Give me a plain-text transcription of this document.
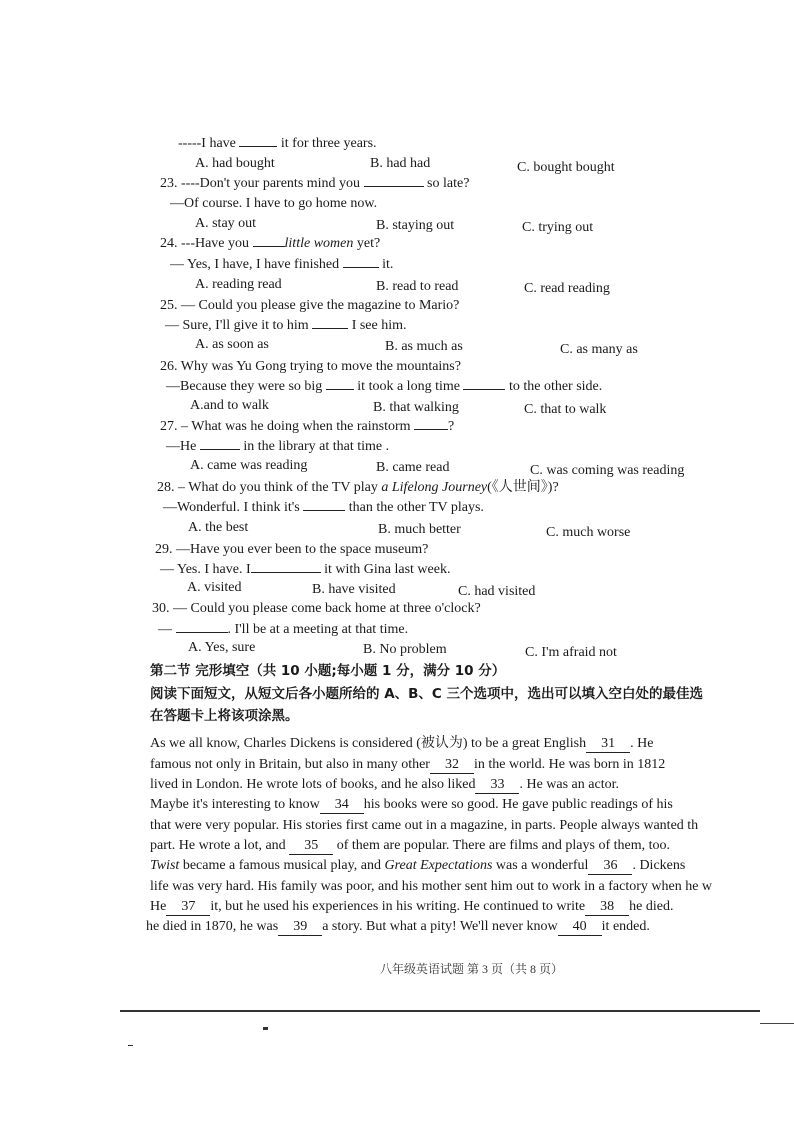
-----I have	it for three years.
A. had bought	B. had had	C. bought bought
23. ----Don't your parents mind you	so late?
—Of course. I have to go home now.
A. stay out	B. staying out	C. trying out
24. ---Have you little women yet?
— Yes, I have, I have finished	it.
A. reading read	B. read to read	C. read reading
25. — Could you please give the magazine to Mario?
— Sure, I'll give it to him	I see him.
A. as soon as	B. as much as	C. as many as
26. Why was Yu Gong trying to move the mountains?
—Because they were so big  it took a long time	to the other side.
A.and to walk	B. that walking	C. that to walk
27. – What was he doing when the rainstorm ?
—He	in the library at that time .
A. came was reading	B. came read	C. was coming was reading
28. – What do you think of the TV play a Lifelong Journey(《人世间》)?
—Wonderful. I think it's	than the other TV plays.
A. the best	B. much better	C. much worse
29. —Have you ever been to the space museum?
— Yes. I have. I	it with Gina last week.
A. visited	B. have visited	C. had visited
30. — Could you please come back home at three o'clock?
—	. I'll be at a meeting at that time.
A. Yes, sure	B. No problem	C. I'm afraid not
第二节 完形填空（共 10 小题;每小题 1 分，满分 10 分）
阅读下面短文，从短文后各小题所给的 A、B、C 三个选项中，选出可以填入空白处的最佳选
在答题卡上将该项涂黑。
As we all know, Charles Dickens is considered (被认为) to be a great English 31 . He
famous not only in Britain, but also in many other 32 in the world. He was born in 1812
lived in London. He wrote lots of books, and he also liked 33 . He was an actor.
Maybe it's interesting to know 34 his books were so good. He gave public readings of his
that were very popular. His stories first came out in a magazine, in parts. People always wanted th
part. He wrote a lot, and 35 of them are popular. There are films and plays of them, too.
Twist became a famous musical play, and Great Expectations was a wonderful 36 . Dickens
life was very hard. His family was poor, and his mother sent him out to work in a factory when he w
He 37 it, but he used his experiences in his writing. He continued to write 38 he died.
he died in 1870, he was 39 a story. But what a pity! We'll never know 40 it ended.
八年级英语试题 第 3 页（共 8 页）
